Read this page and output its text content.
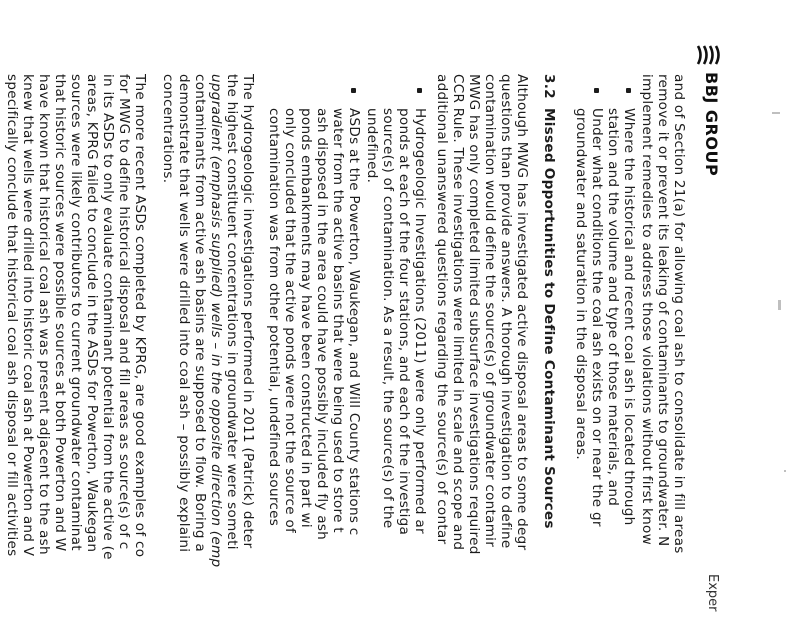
BBJ GROUP
Exper
and of Section 21(a) for allowing coal ash to consolidate in fill areas
remove it or prevent its leaking of contaminants to groundwater. N
implement remedies to address those violations without first know
Where the historical and recent coal ash is located through
station and the volume and type of those materials, and
Under what conditions the coal ash exists on or near the gr
groundwater and saturation in the disposal areas.
3.2
Missed Opportunities to Define Contaminant Sources
Although MWG has investigated active disposal areas to some degr
questions than provide answers. A thorough investigation to define
contamination would define the source(s) of groundwater contamir
MWG has only completed limited subsurface investigations required
CCR Rule. These investigations were limited in scale and scope and
additional unanswered questions regarding the source(s) of contar
Hydrogeologic Investigations (2011) were only performed ar
ponds at each of the four stations, and each of the investiga
source(s) of contamination. As a result, the source(s) of the
undefined.
ASDs at the Powerton, Waukegan, and Will County stations c
water from the active basins that were being used to store t
ash disposed in the area could have possibly included fly ash
ponds embankments may have been constructed in part wi
only concluded that the active ponds were not the source of
contamination was from other potential, undefined sources
The hydrogeologic investigations performed in 2011 (Patrick) deter
the highest constituent concentrations in groundwater were someti
upgradient (emphasis supplied) wells – in the opposite direction (emp
contaminants from active ash basins are supposed to flow. Boring a
demonstrate that wells were drilled into coal ash – possibly explaini
concentrations.
The more recent ASDs completed by KPRG, are good examples of co
for MWG to define historical disposal and fill areas as source(s) of c
in its ASDs to only evaluate contaminant potential from the active (e
areas, KPRG failed to conclude in the ASDs for Powerton, Waukegan
sources were likely contributors to current groundwater contaminat
that historic sources were possible sources at both Powerton and W
have known that historical coal ash was present adjacent to the ash
knew that wells were drilled into historic coal ash at Powerton and V
specifically conclude that historical coal ash disposal or fill activities
